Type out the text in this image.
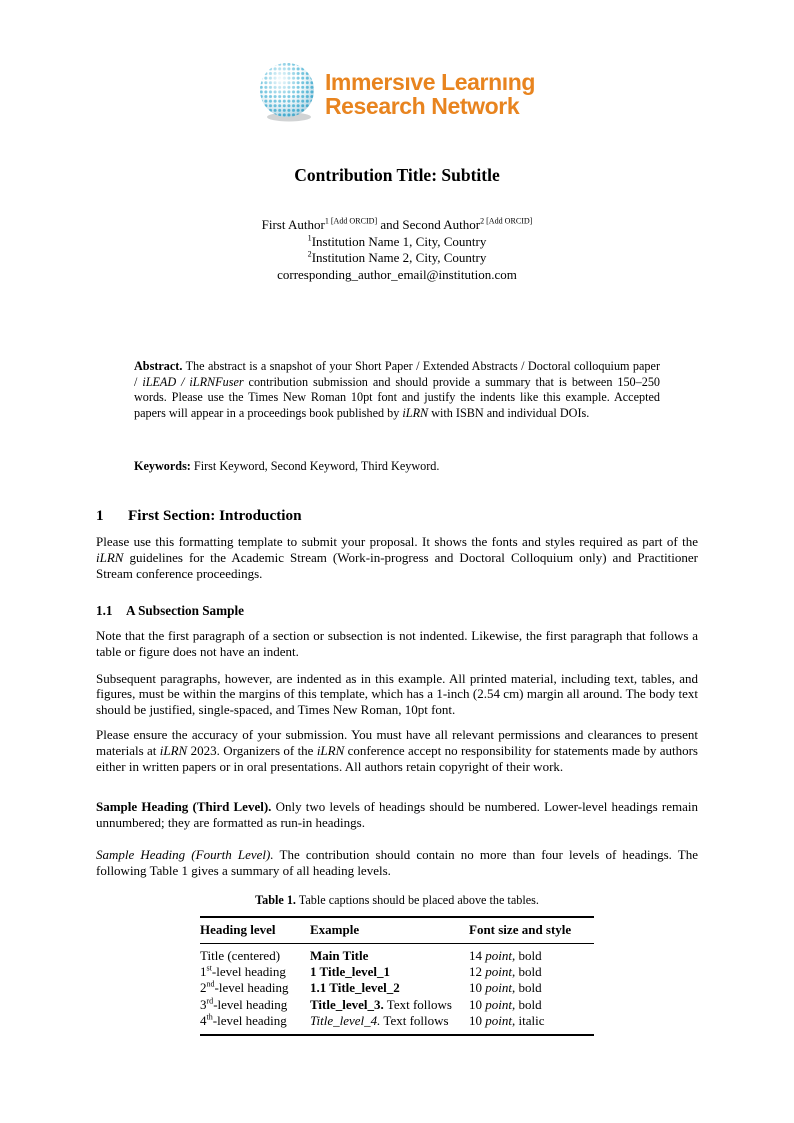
Immersıve Learnıng
Research Network
Contribution Title: Subtitle
First Author$^{1 [Add ORCID]}$ and Second Author$^{2 [Add ORCID]}$
$^1$Institution Name 1, City, Country
$^2$Institution Name 2, City, Country
corresponding_author_email@institution.com
Abstract. The abstract is a snapshot of your Short Paper / Extended Abstracts / Doctoral colloquium paper / iLEAD / iLRNFuser contribution submission and should provide a summary that is between 150–250 words. Please use the Times New Roman 10pt font and justify the indents like this example. Accepted papers will appear in a proceedings book published by iLRN with ISBN and individual DOIs.
Keywords: First Keyword, Second Keyword, Third Keyword.
1	First Section: Introduction

Please use this formatting template to submit your proposal. It shows the fonts and styles required as part of the iLRN guidelines for the Academic Stream (Work-in-progress and Doctoral Colloquium only) and Practitioner Stream conference proceedings.

1.1	A Subsection Sample

Note that the first paragraph of a section or subsection is not indented. Likewise, the first paragraph that follows a table or figure does not have an indent.

Subsequent paragraphs, however, are indented as in this example. All printed material, including text, tables, and figures, must be within the margins of this template, which has a 1-inch (2.54 cm) margin all around. The body text should be justified, single-spaced, and Times New Roman, 10pt font.

Please ensure the accuracy of your submission. You must have all relevant permissions and clearances to present materials at iLRN 2023. Organizers of the iLRN conference accept no responsibility for statements made by authors either in written papers or in oral presentations. All authors retain copyright of their work.

Sample Heading (Third Level). Only two levels of headings should be numbered. Lower-level headings remain unnumbered; they are formatted as run-in headings.

Sample Heading (Fourth Level). The contribution should contain no more than four levels of headings. The following Table 1 gives a summary of all heading levels.

Table 1. Table captions should be placed above the tables.
Heading level	Example	Font size and style
Title (centered)	Main Title	14 point, bold
1st-level heading	1 Title_level_1	12 point, bold
2nd-level heading	1.1 Title_level_2	10 point, bold
3rd-level heading	Title_level_3. Text follows	10 point, bold
4th-level heading	Title_level_4. Text follows	10 point, italic
